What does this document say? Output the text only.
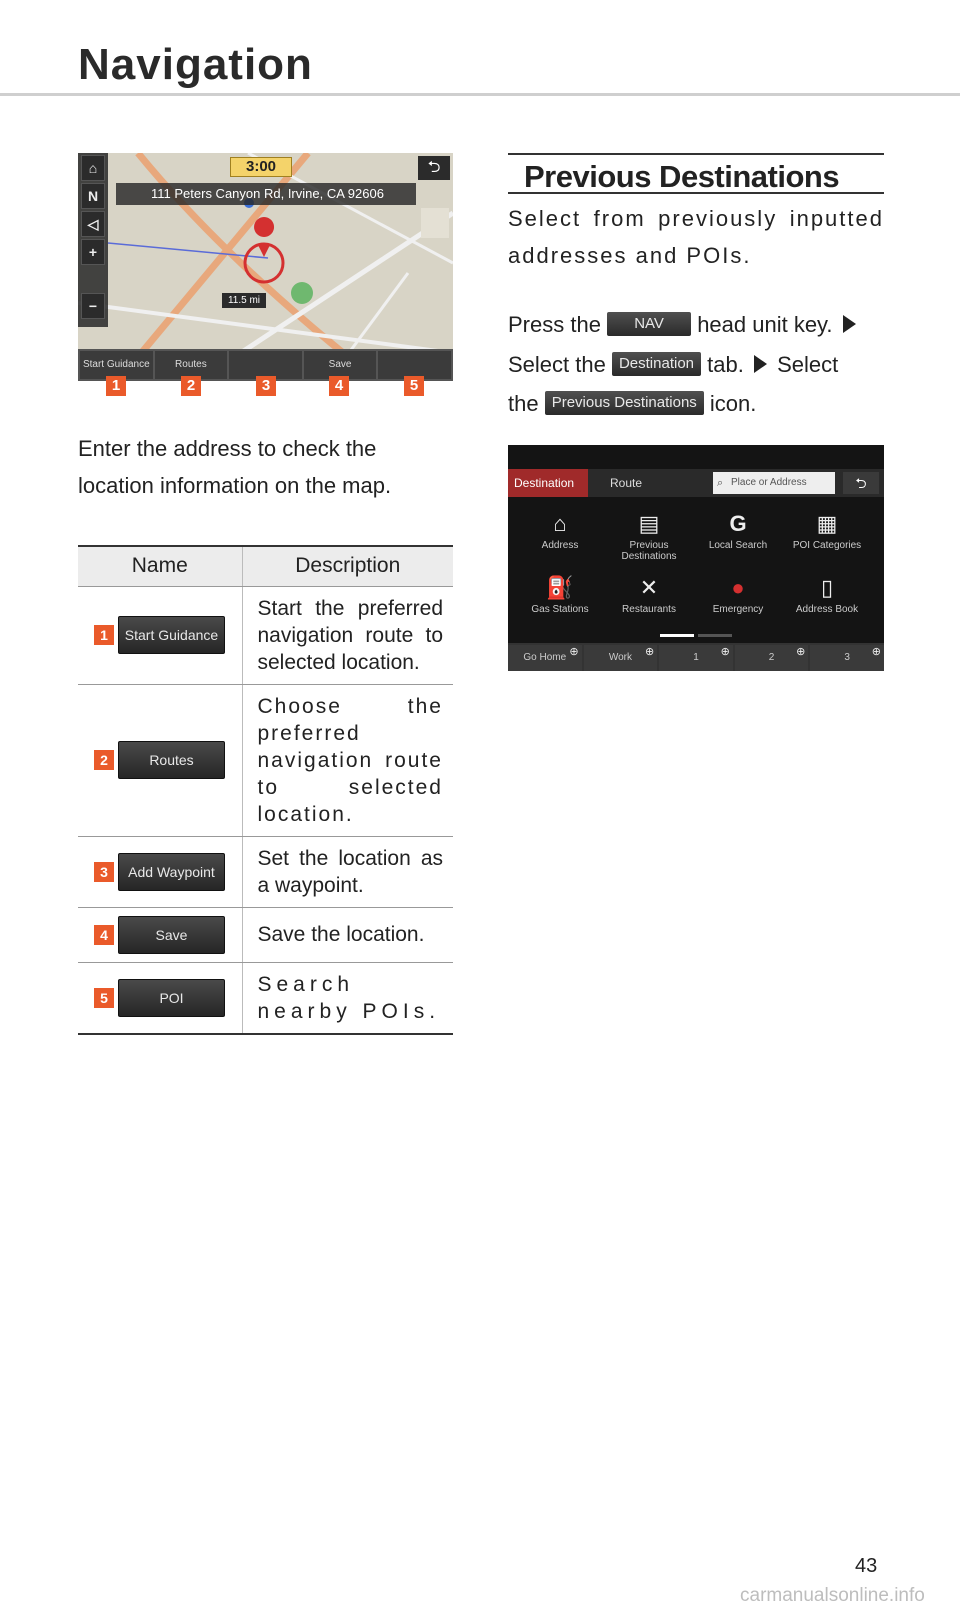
Navigation
⌂
N
◁
+
−
3:00	⮌
111 Peters Canyon Rd, Irvine, CA 92606
11.5 mi
Start Guidance	Routes	Save
1	2	3	4	5

Enter the address to check the location information on the map.

Name	Description

1 Start Guidance	Start the preferred navigation route to selected location.

2 Routes	Choose the preferred navigation route to selected location.

3 Add Waypoint	Set the location as a waypoint.

4 Save	Save the location.

5 POI	Search nearby POIs.
Previous Destinations

Select from previously inputted addresses and POIs.

Press the NAV head unit key.
Select the Destination tab. Select
the Previous Destinations icon.
Destination	Route	⌕ Place or Address	⮌
⌂
Address
▤
Previous Destinations
G
Local Search
▦
POI Categories
⛽
Gas Stations
✕
Restaurants
●
Emergency
▯
Address Book
Go Home ⊕	Work ⊕	1 ⊕	2 ⊕	3 ⊕
43
carmanualsonline.info
